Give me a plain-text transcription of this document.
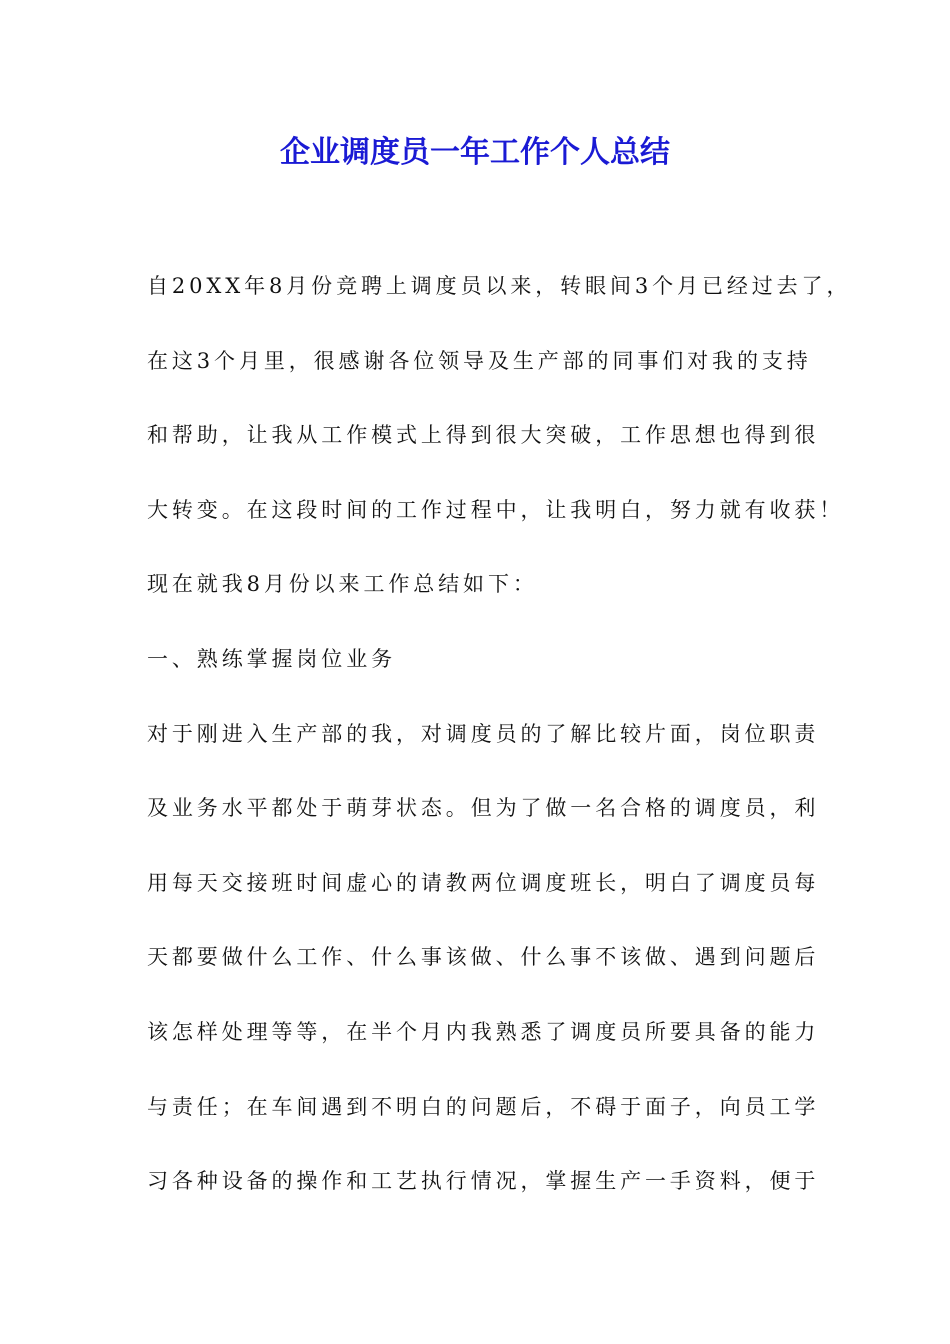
企业调度员一年工作个人总结
自20XX年8月份竞聘上调度员以来，转眼间3个月已经过去了，
在这3个月里，很感谢各位领导及生产部的同事们对我的支持
和帮助，让我从工作模式上得到很大突破，工作思想也得到很
大转变。在这段时间的工作过程中，让我明白，努力就有收获！
现在就我8月份以来工作总结如下：
一、熟练掌握岗位业务
对于刚进入生产部的我，对调度员的了解比较片面，岗位职责
及业务水平都处于萌芽状态。但为了做一名合格的调度员，利
用每天交接班时间虚心的请教两位调度班长，明白了调度员每
天都要做什么工作、什么事该做、什么事不该做、遇到问题后
该怎样处理等等，在半个月内我熟悉了调度员所要具备的能力
与责任；在车间遇到不明白的问题后，不碍于面子，向员工学
习各种设备的操作和工艺执行情况，掌握生产一手资料，便于
